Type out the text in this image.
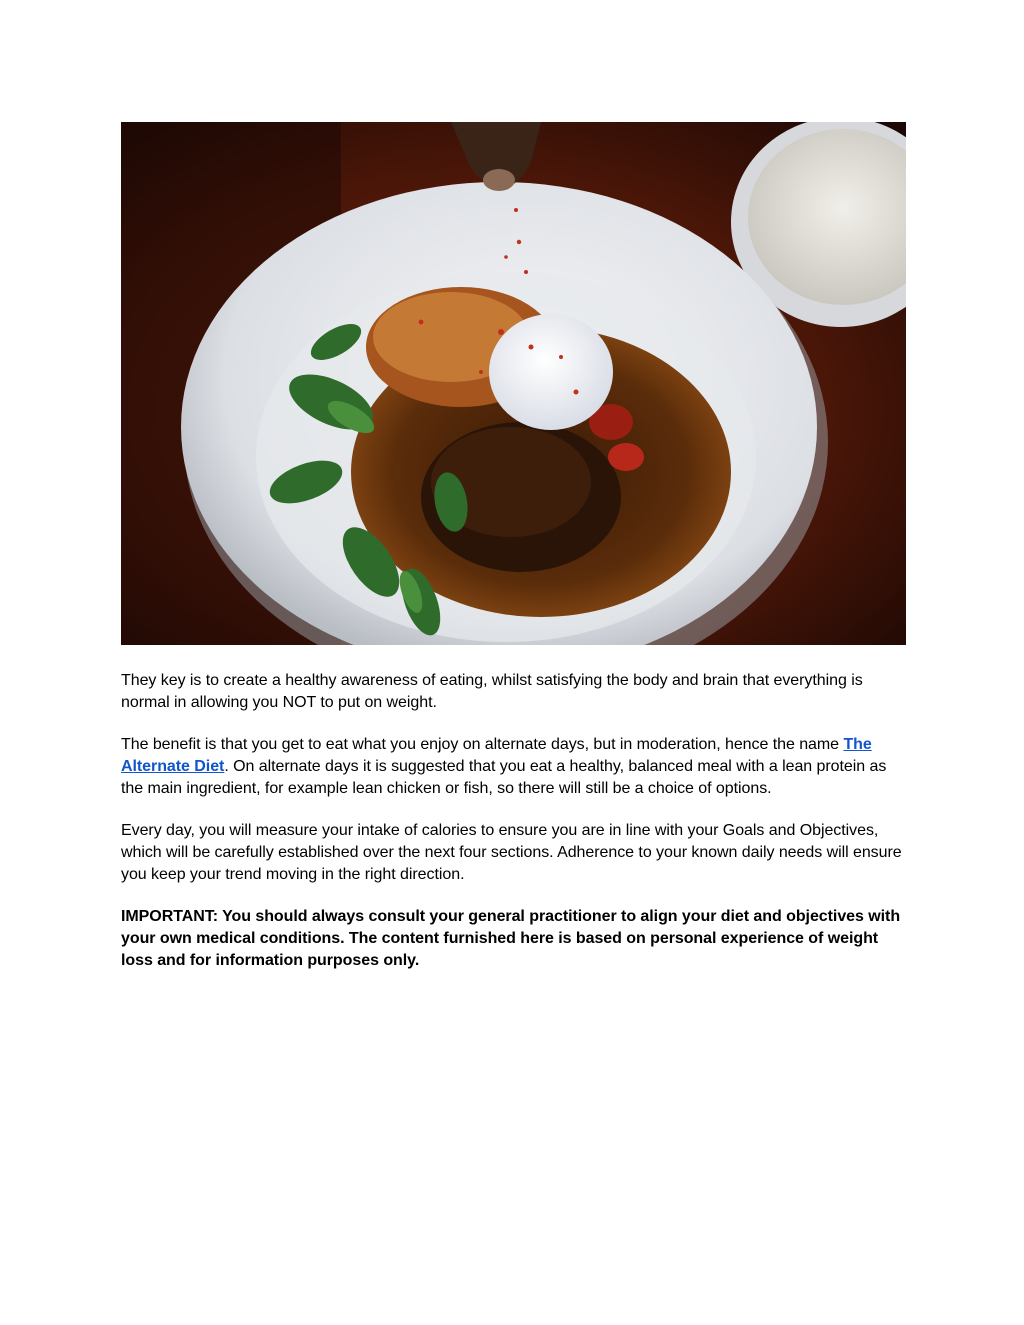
They key is to create a healthy awareness of eating, whilst satisfying the body and brain that everything is normal in allowing you NOT to put on weight.

The benefit is that you get to eat what you enjoy on alternate days, but in moderation, hence the name The Alternate Diet. On alternate days it is suggested that you eat a healthy, balanced meal with a lean protein as the main ingredient, for example lean chicken or fish, so there will still be a choice of options.

Every day, you will measure your intake of calories to ensure you are in line with your Goals and Objectives, which will be carefully established over the next four sections. Adherence to your known daily needs will ensure you keep your trend moving in the right direction.

IMPORTANT: You should always consult your general practitioner to align your diet and objectives with your own medical conditions. The content furnished here is based on personal experience of weight loss and for information purposes only.
